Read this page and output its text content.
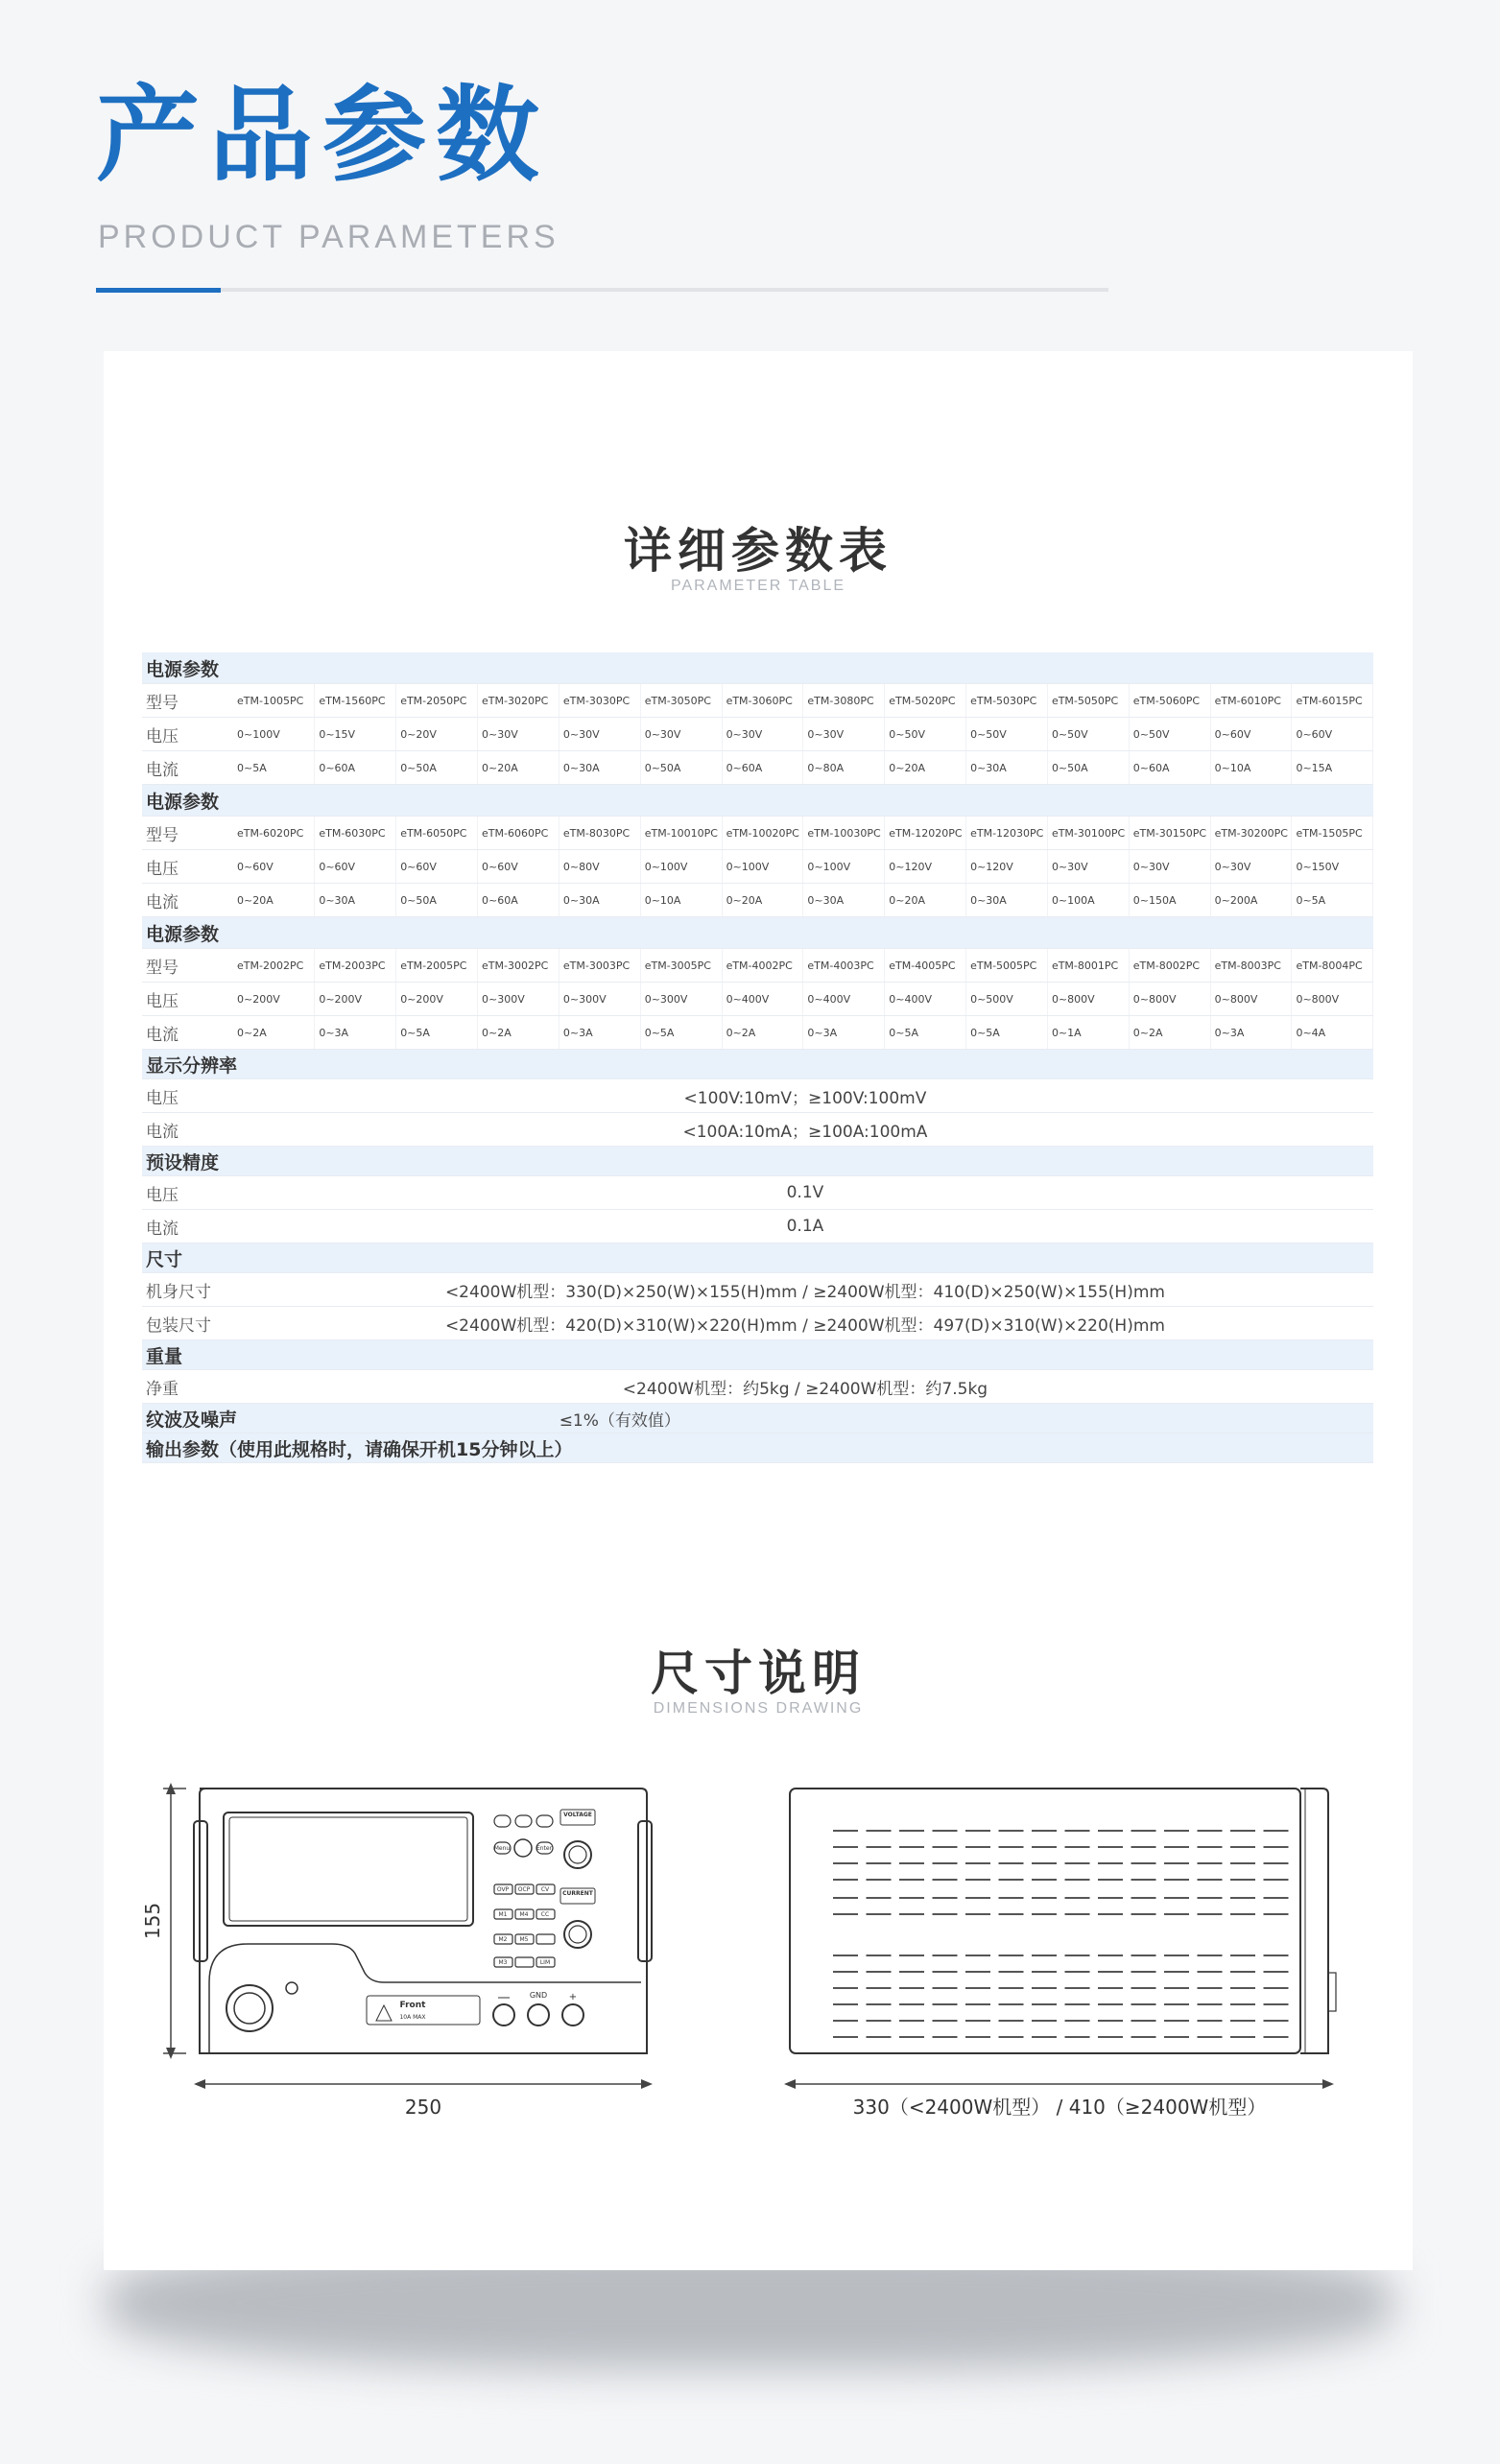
产品参数
PRODUCT PARAMETERS
详细参数表
PARAMETER TABLE
电源参数														
型号	eTM-1005PC	eTM-1560PC	eTM-2050PC	eTM-3020PC	eTM-3030PC	eTM-3050PC	eTM-3060PC	eTM-3080PC	eTM-5020PC	eTM-5030PC	eTM-5050PC	eTM-5060PC	eTM-6010PC	eTM-6015PC
电压	0~100V	0~15V	0~20V	0~30V	0~30V	0~30V	0~30V	0~30V	0~50V	0~50V	0~50V	0~50V	0~60V	0~60V
电流	0~5A	0~60A	0~50A	0~20A	0~30A	0~50A	0~60A	0~80A	0~20A	0~30A	0~50A	0~60A	0~10A	0~15A
电源参数														
型号	eTM-6020PC	eTM-6030PC	eTM-6050PC	eTM-6060PC	eTM-8030PC	eTM-10010PC	eTM-10020PC	eTM-10030PC	eTM-12020PC	eTM-12030PC	eTM-30100PC	eTM-30150PC	eTM-30200PC	eTM-1505PC
电压	0~60V	0~60V	0~60V	0~60V	0~80V	0~100V	0~100V	0~100V	0~120V	0~120V	0~30V	0~30V	0~30V	0~150V
电流	0~20A	0~30A	0~50A	0~60A	0~30A	0~10A	0~20A	0~30A	0~20A	0~30A	0~100A	0~150A	0~200A	0~5A
电源参数														
型号	eTM-2002PC	eTM-2003PC	eTM-2005PC	eTM-3002PC	eTM-3003PC	eTM-3005PC	eTM-4002PC	eTM-4003PC	eTM-4005PC	eTM-5005PC	eTM-8001PC	eTM-8002PC	eTM-8003PC	eTM-8004PC
电压	0~200V	0~200V	0~200V	0~300V	0~300V	0~300V	0~400V	0~400V	0~400V	0~500V	0~800V	0~800V	0~800V	0~800V
电流	0~2A	0~3A	0~5A	0~2A	0~3A	0~5A	0~2A	0~3A	0~5A	0~5A	0~1A	0~2A	0~3A	0~4A
显示分辨率														
电压	<100V:10mV；≥100V:100mV													
电流	<100A:10mA；≥100A:100mA													
预设精度														
电压	0.1V													
电流	0.1A													
尺寸														
机身尺寸	<2400W机型：330(D)×250(W)×155(H)mm / ≥2400W机型：410(D)×250(W)×155(H)mm													
包装尺寸	<2400W机型：420(D)×310(W)×220(H)mm / ≥2400W机型：497(D)×310(W)×220(H)mm													
重量														
净重	<2400W机型：约5kg / ≥2400W机型：约7.5kg													
纹波及噪声			≤1%（有效值）											
输出参数（使用此规格时，请确保开机15分钟以上）														
尺寸说明
DIMENSIONS DRAWING
VOLTAGE
CURRENT
Menu	Enter
OVP OCP CV
CC
M1 M4
M2 M5
M3	LIM
GND +
Front
10A MAX
155
250	330（<2400W机型） / 410（≥2400W机型）
